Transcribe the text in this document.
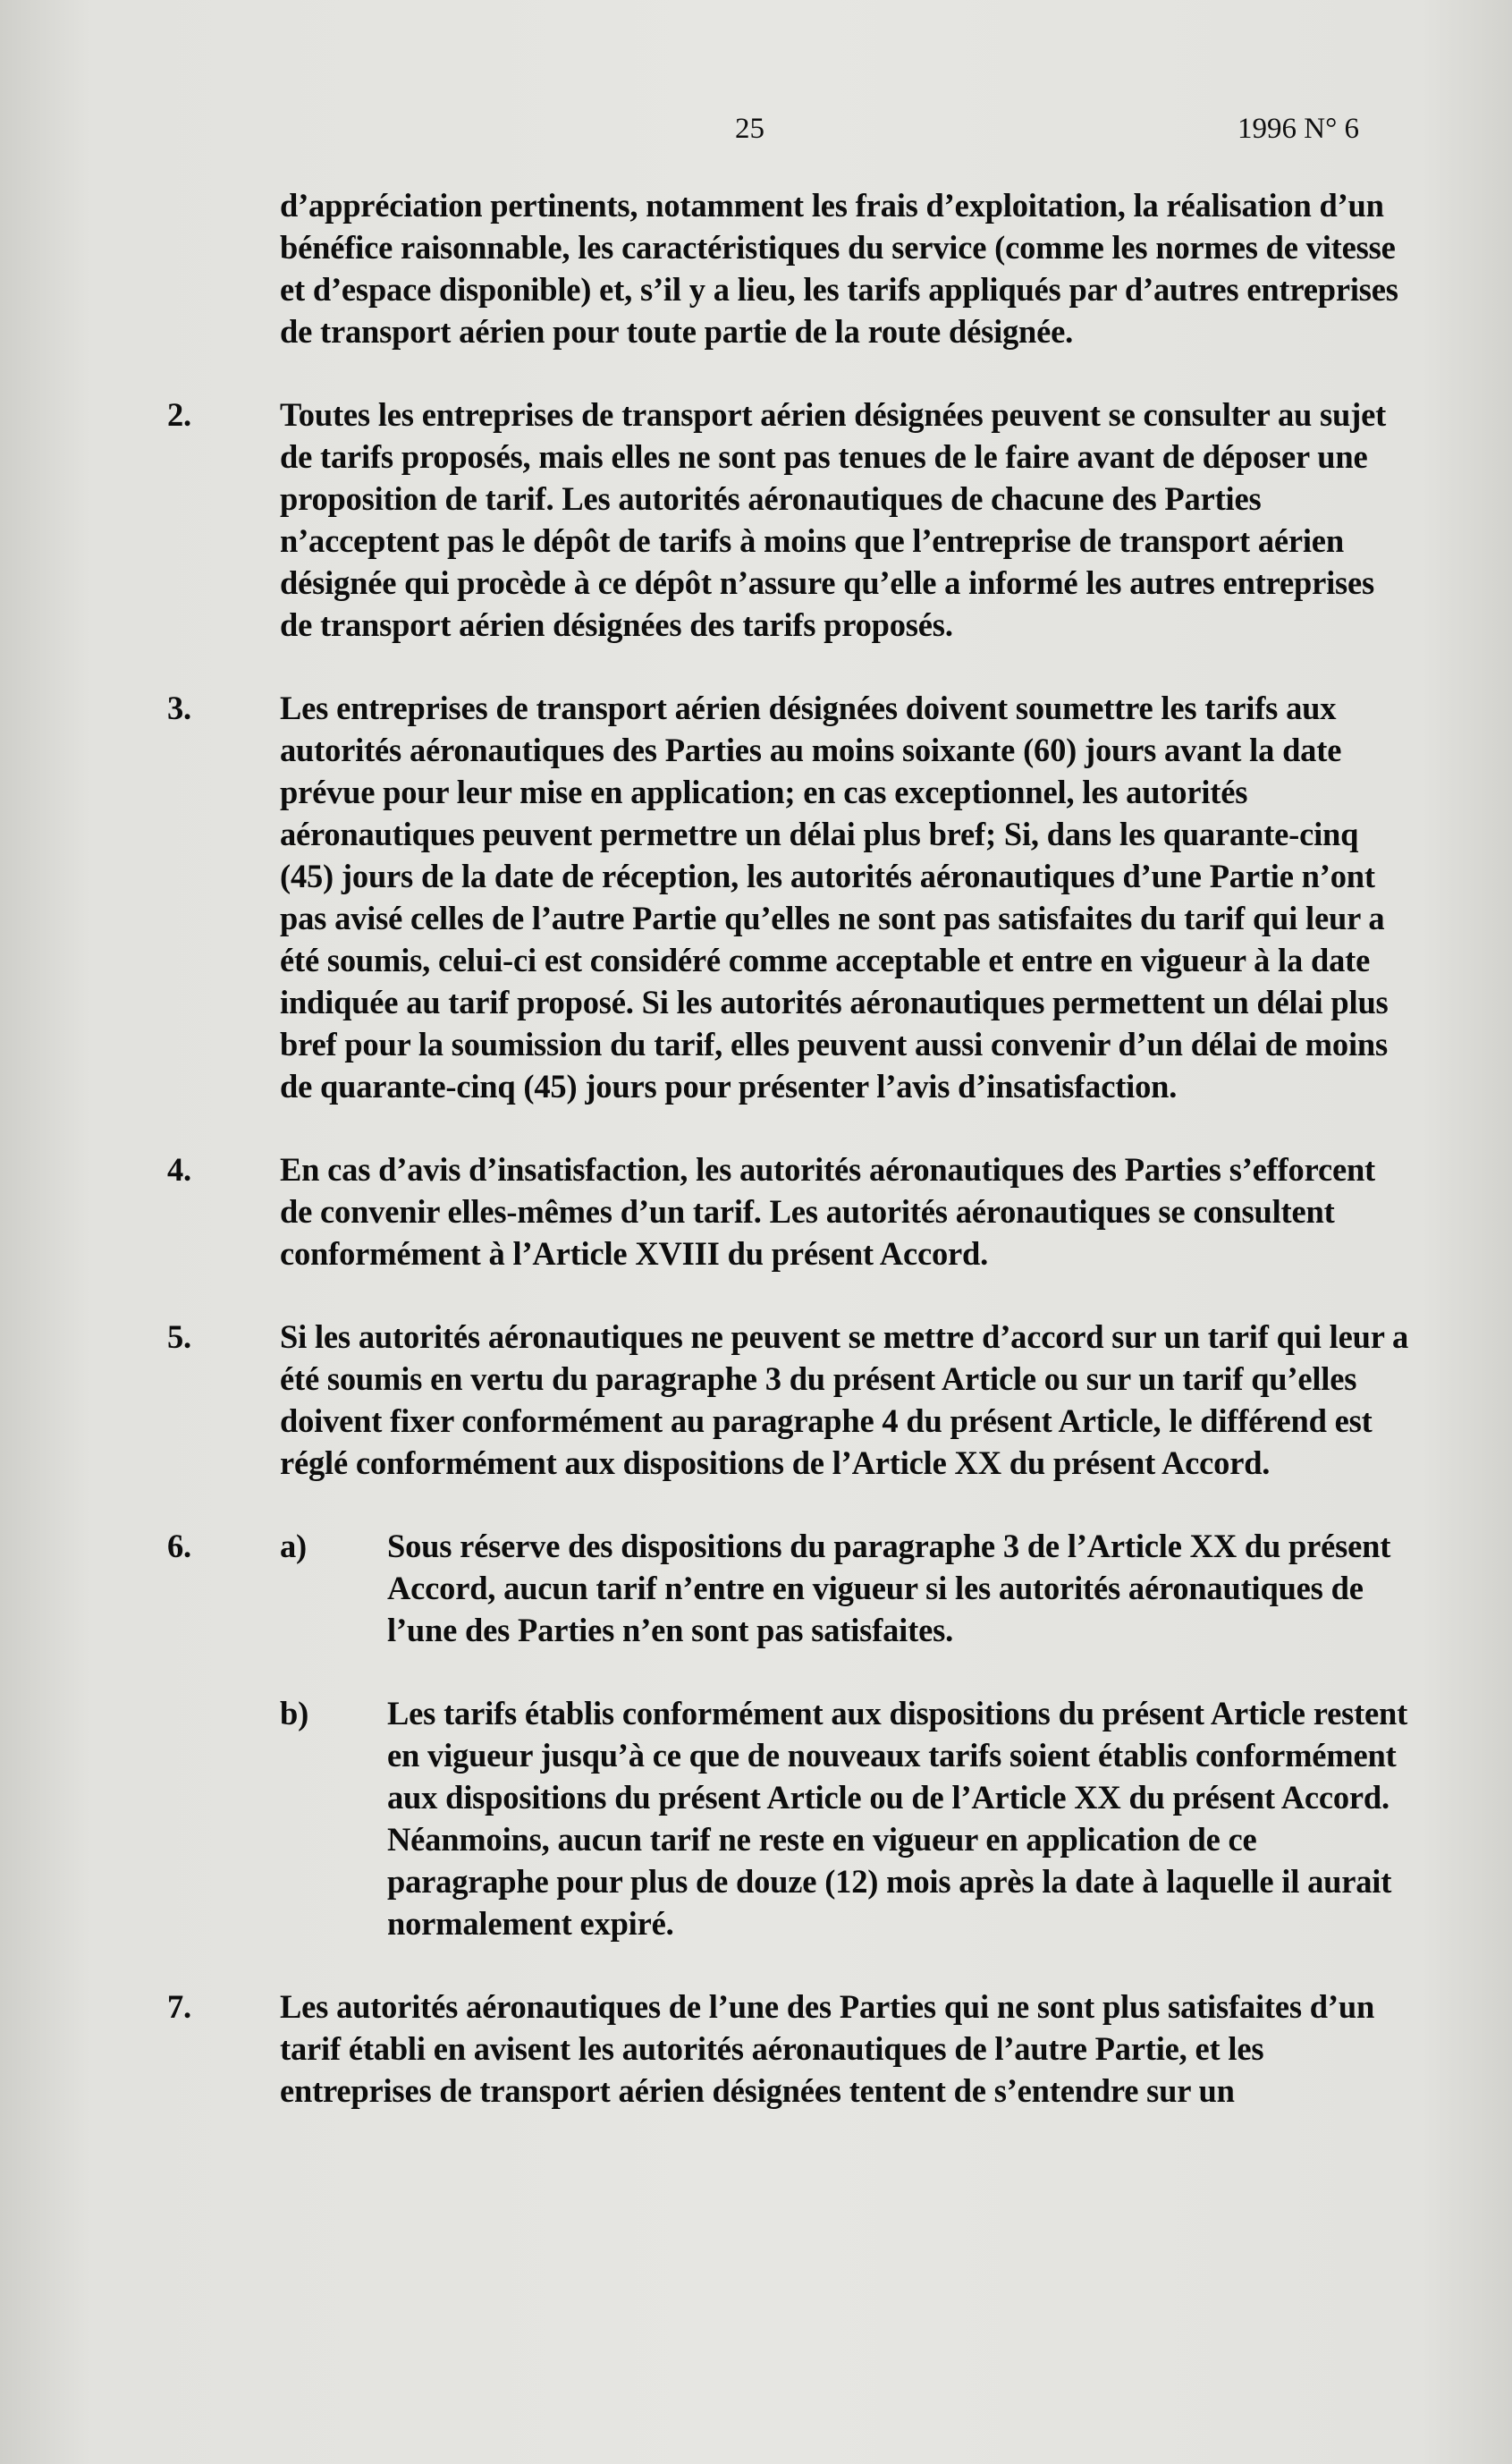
25	1996 N° 6
d’appréciation pertinents, notamment les frais d’exploitation, la réalisation d’un bénéfice raisonnable, les caractéristiques du service (comme les normes de vitesse et d’espace disponible) et, s’il y a lieu, les tarifs appliqués par d’autres entreprises de transport aérien pour toute partie de la route désignée.
2.	Toutes les entreprises de transport aérien désignées peuvent se consulter au sujet de tarifs proposés, mais elles ne sont pas tenues de le faire avant de déposer une proposition de tarif. Les autorités aéronautiques de chacune des Parties n’acceptent pas le dépôt de tarifs à moins que l’entreprise de transport aérien désignée qui procède à ce dépôt n’assure qu’elle a informé les autres entreprises de transport aérien désignées des tarifs proposés.
3.	Les entreprises de transport aérien désignées doivent soumettre les tarifs aux autorités aéronautiques des Parties au moins soixante (60) jours avant la date prévue pour leur mise en application; en cas exceptionnel, les autorités aéronautiques peuvent permettre un délai plus bref; Si, dans les quarante-cinq (45) jours de la date de réception, les autorités aéronautiques d’une Partie n’ont pas avisé celles de l’autre Partie qu’elles ne sont pas satisfaites du tarif qui leur a été soumis, celui-ci est considéré comme acceptable et entre en vigueur à la date indiquée au tarif proposé. Si les autorités aéronautiques permettent un délai plus bref pour la soumission du tarif, elles peuvent aussi convenir d’un délai de moins de quarante-cinq (45) jours pour présenter l’avis d’insatisfaction.
4.	En cas d’avis d’insatisfaction, les autorités aéronautiques des Parties s’efforcent de convenir elles-mêmes d’un tarif. Les autorités aéronautiques se consultent conformément à l’Article XVIII du présent Accord.
5.	Si les autorités aéronautiques ne peuvent se mettre d’accord sur un tarif qui leur a été soumis en vertu du paragraphe 3 du présent Article ou sur un tarif qu’elles doivent fixer conformément au paragraphe 4 du présent Article, le différend est réglé conformément aux dispositions de l’Article XX du présent Accord.
6.	a)	Sous réserve des dispositions du paragraphe 3 de l’Article XX du présent Accord, aucun tarif n’entre en vigueur si les autorités aéronautiques de l’une des Parties n’en sont pas satisfaites.
b)	Les tarifs établis conformément aux dispositions du présent Article restent en vigueur jusqu’à ce que de nouveaux tarifs soient établis conformément aux dispositions du présent Article ou de l’Article XX du présent Accord. Néanmoins, aucun tarif ne reste en vigueur en application de ce paragraphe pour plus de douze (12) mois après la date à laquelle il aurait normalement expiré.
7.	Les autorités aéronautiques de l’une des Parties qui ne sont plus satisfaites d’un tarif établi en avisent les autorités aéronautiques de l’autre Partie, et les entreprises de transport aérien désignées tentent de s’entendre sur un
